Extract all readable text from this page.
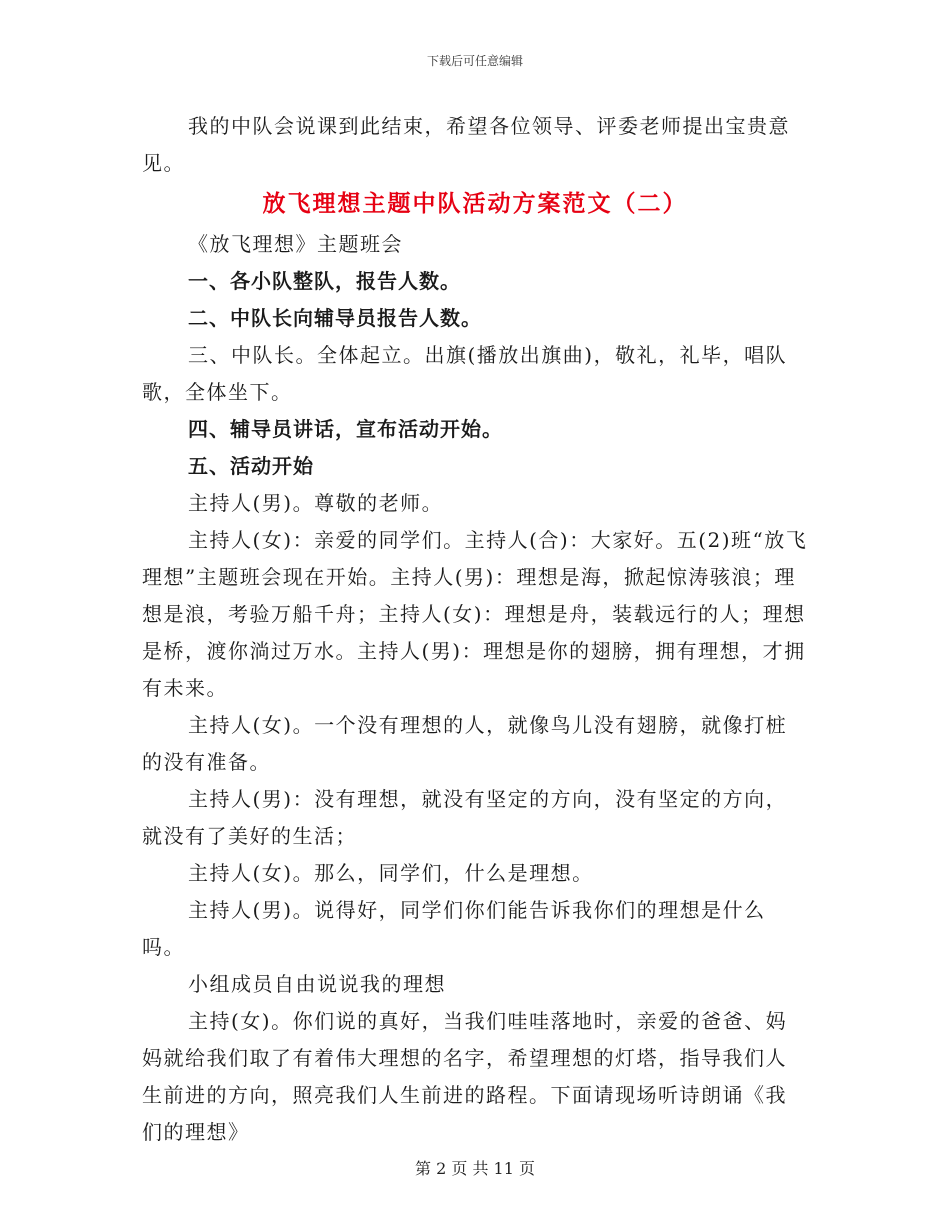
下载后可任意编辑

我的中队会说课到此结束，希望各位领导、评委老师提出宝贵意见。

放飞理想主题中队活动方案范文（二）

《放飞理想》主题班会

一、各小队整队，报告人数。

二、中队长向辅导员报告人数。

三、中队长。全体起立。出旗(播放出旗曲)，敬礼，礼毕，唱队歌，全体坐下。

四、辅导员讲话，宣布活动开始。

五、活动开始

主持人(男)。尊敬的老师。

主持人(女)：亲爱的同学们。主持人(合)：大家好。五(2)班“放飞理想”主题班会现在开始。主持人(男)：理想是海，掀起惊涛骇浪；理想是浪，考验万船千舟；主持人(女)：理想是舟，装载远行的人；理想是桥，渡你淌过万水。主持人(男)：理想是你的翅膀，拥有理想，才拥有未来。

主持人(女)。一个没有理想的人，就像鸟儿没有翅膀，就像打桩的没有准备。

主持人(男)：没有理想，就没有坚定的方向，没有坚定的方向，就没有了美好的生活；

主持人(女)。那么，同学们，什么是理想。

主持人(男)。说得好，同学们你们能告诉我你们的理想是什么吗。

小组成员自由说说我的理想

主持(女)。你们说的真好，当我们哇哇落地时，亲爱的爸爸、妈妈就给我们取了有着伟大理想的名字，希望理想的灯塔，指导我们人生前进的方向，照亮我们人生前进的路程。下面请现场听诗朗诵《我们的理想》

第 2 页 共 11 页
